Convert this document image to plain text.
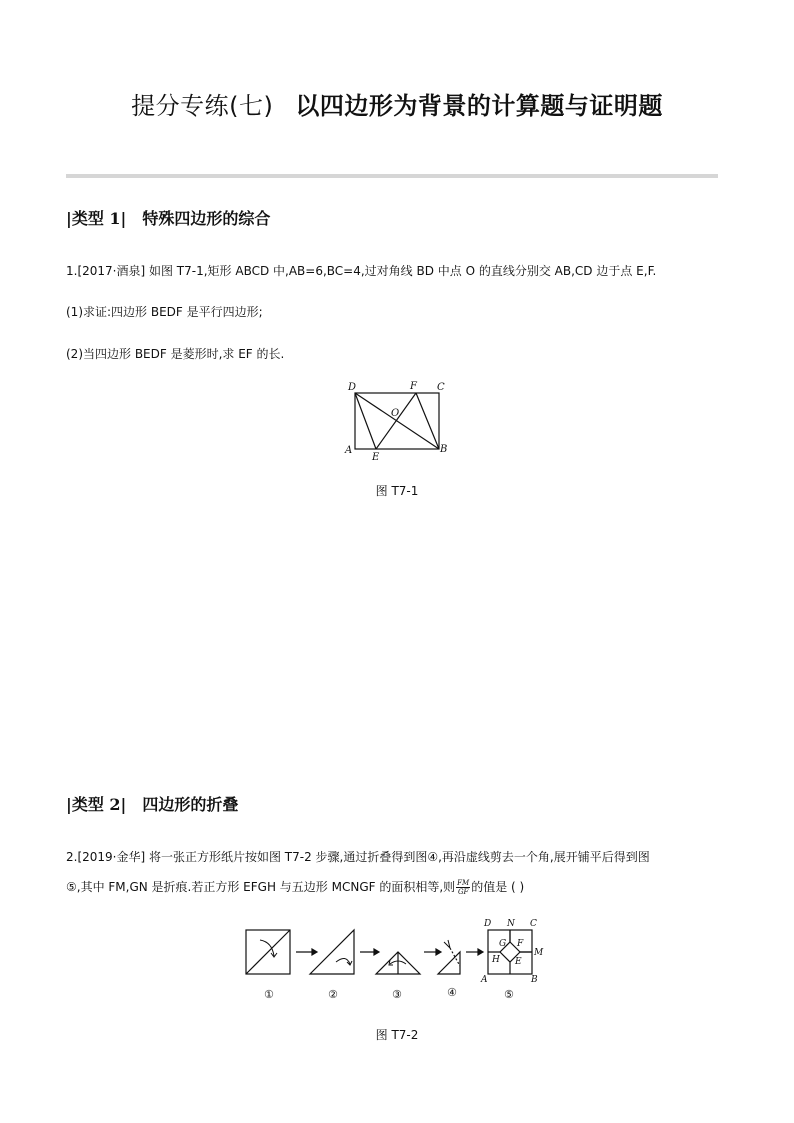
提分专练(七) 以四边形为背景的计算题与证明题
|类型 1| 特殊四边形的综合
1.[2017·酒泉] 如图 T7-1,矩形 ABCD 中,AB=6,BC=4,过对角线 BD 中点 O 的直线分别交 AB,CD 边于点 E,F.
(1)求证:四边形 BEDF 是平行四边形;
(2)当四边形 BEDF 是菱形时,求 EF 的长.
D	F C
O
A	B
E
图 T7-1
|类型 2| 四边形的折叠
2.[2019·金华] 将一张正方形纸片按如图 T7-2 步骤,通过折叠得到图④,再沿虚线剪去一个角,展开铺平后得到图
⑤,其中 FM,GN 是折痕.若正方形 EFGH 与五边形 MCNGF 的面积相等,则 $\frac{FM}{GF}$ 的值是 ( )
D N C
G F
M
H E
A	B
①	②	③	④	⑤
图 T7-2
